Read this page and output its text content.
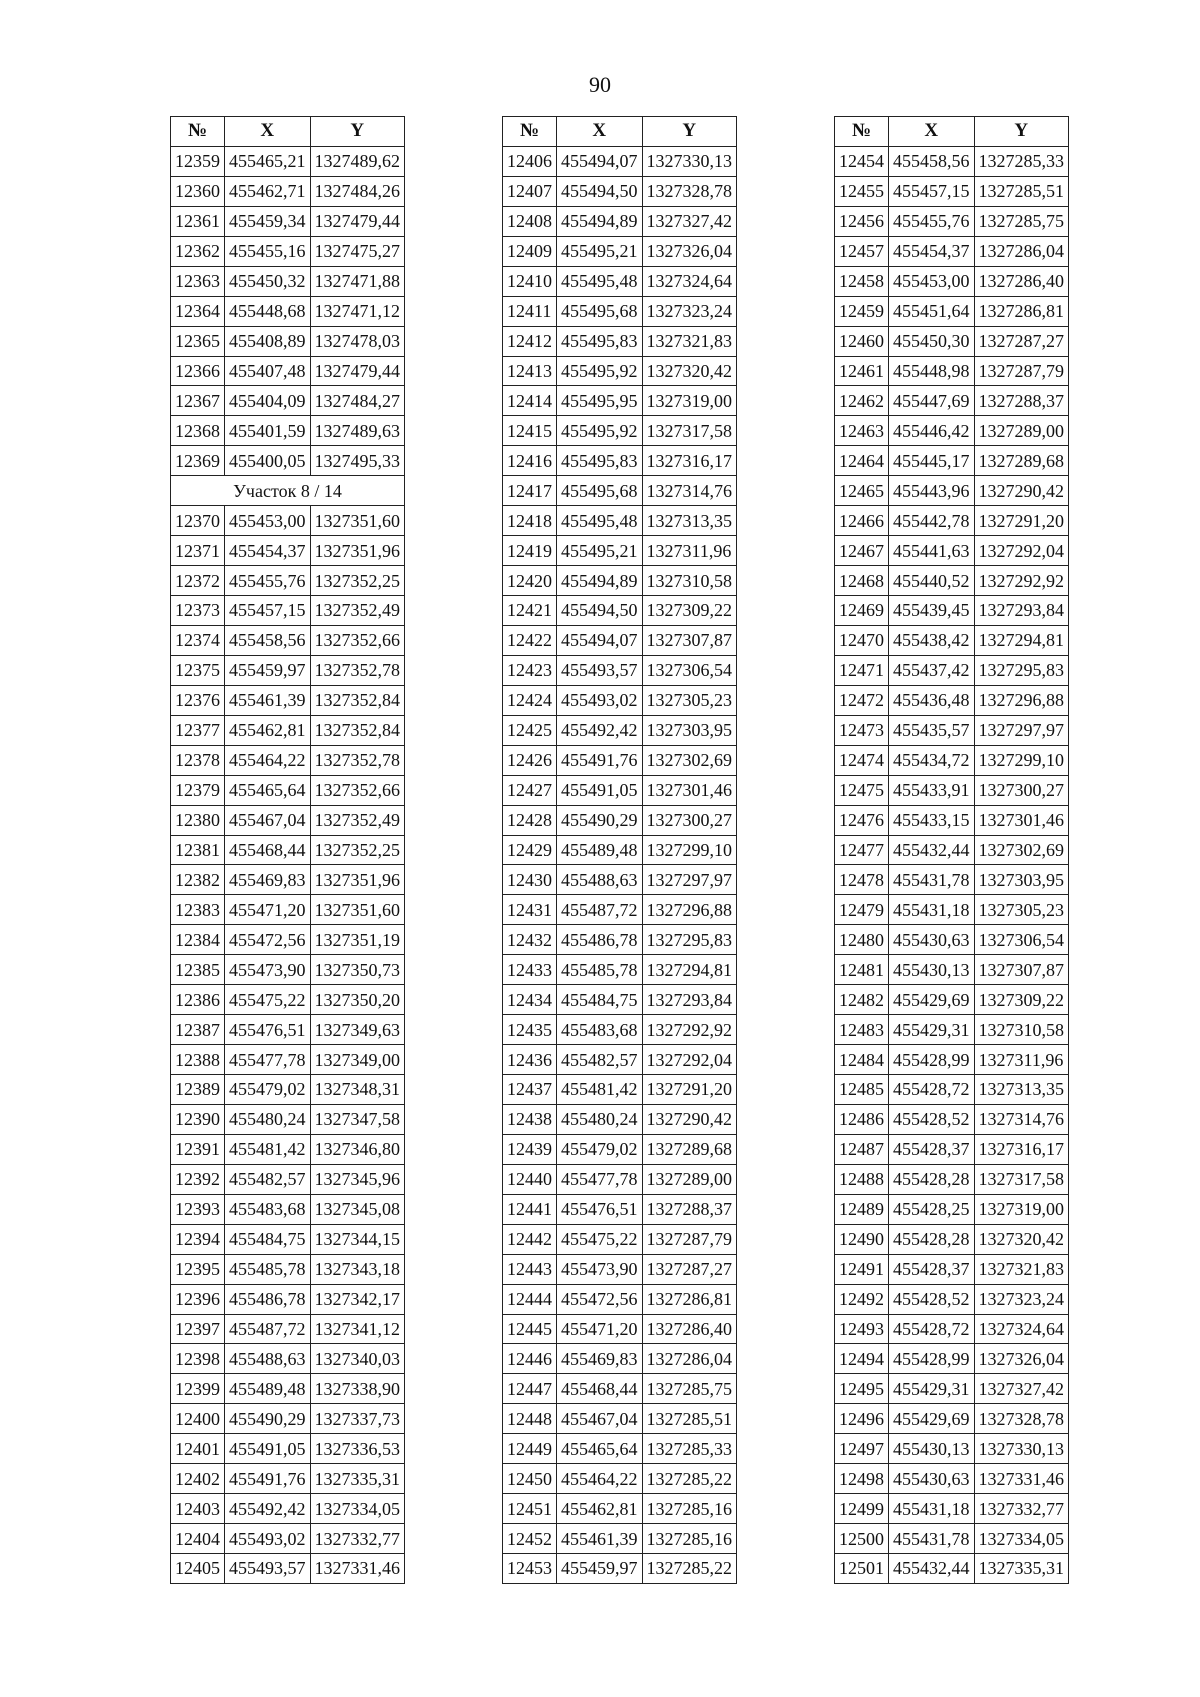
90
№	X	Y
12359	455465,21	1327489,62
12360	455462,71	1327484,26
12361	455459,34	1327479,44
12362	455455,16	1327475,27
12363	455450,32	1327471,88
12364	455448,68	1327471,12
12365	455408,89	1327478,03
12366	455407,48	1327479,44
12367	455404,09	1327484,27
12368	455401,59	1327489,63
12369	455400,05	1327495,33
Участок 8 / 14		
12370	455453,00	1327351,60
12371	455454,37	1327351,96
12372	455455,76	1327352,25
12373	455457,15	1327352,49
12374	455458,56	1327352,66
12375	455459,97	1327352,78
12376	455461,39	1327352,84
12377	455462,81	1327352,84
12378	455464,22	1327352,78
12379	455465,64	1327352,66
12380	455467,04	1327352,49
12381	455468,44	1327352,25
12382	455469,83	1327351,96
12383	455471,20	1327351,60
12384	455472,56	1327351,19
12385	455473,90	1327350,73
12386	455475,22	1327350,20
12387	455476,51	1327349,63
12388	455477,78	1327349,00
12389	455479,02	1327348,31
12390	455480,24	1327347,58
12391	455481,42	1327346,80
12392	455482,57	1327345,96
12393	455483,68	1327345,08
12394	455484,75	1327344,15
12395	455485,78	1327343,18
12396	455486,78	1327342,17
12397	455487,72	1327341,12
12398	455488,63	1327340,03
12399	455489,48	1327338,90
12400	455490,29	1327337,73
12401	455491,05	1327336,53
12402	455491,76	1327335,31
12403	455492,42	1327334,05
12404	455493,02	1327332,77
12405	455493,57	1327331,46
№	X	Y
12406	455494,07	1327330,13
12407	455494,50	1327328,78
12408	455494,89	1327327,42
12409	455495,21	1327326,04
12410	455495,48	1327324,64
12411	455495,68	1327323,24
12412	455495,83	1327321,83
12413	455495,92	1327320,42
12414	455495,95	1327319,00
12415	455495,92	1327317,58
12416	455495,83	1327316,17
12417	455495,68	1327314,76
12418	455495,48	1327313,35
12419	455495,21	1327311,96
12420	455494,89	1327310,58
12421	455494,50	1327309,22
12422	455494,07	1327307,87
12423	455493,57	1327306,54
12424	455493,02	1327305,23
12425	455492,42	1327303,95
12426	455491,76	1327302,69
12427	455491,05	1327301,46
12428	455490,29	1327300,27
12429	455489,48	1327299,10
12430	455488,63	1327297,97
12431	455487,72	1327296,88
12432	455486,78	1327295,83
12433	455485,78	1327294,81
12434	455484,75	1327293,84
12435	455483,68	1327292,92
12436	455482,57	1327292,04
12437	455481,42	1327291,20
12438	455480,24	1327290,42
12439	455479,02	1327289,68
12440	455477,78	1327289,00
12441	455476,51	1327288,37
12442	455475,22	1327287,79
12443	455473,90	1327287,27
12444	455472,56	1327286,81
12445	455471,20	1327286,40
12446	455469,83	1327286,04
12447	455468,44	1327285,75
12448	455467,04	1327285,51
12449	455465,64	1327285,33
12450	455464,22	1327285,22
12451	455462,81	1327285,16
12452	455461,39	1327285,16
12453	455459,97	1327285,22
№	X	Y
12454	455458,56	1327285,33
12455	455457,15	1327285,51
12456	455455,76	1327285,75
12457	455454,37	1327286,04
12458	455453,00	1327286,40
12459	455451,64	1327286,81
12460	455450,30	1327287,27
12461	455448,98	1327287,79
12462	455447,69	1327288,37
12463	455446,42	1327289,00
12464	455445,17	1327289,68
12465	455443,96	1327290,42
12466	455442,78	1327291,20
12467	455441,63	1327292,04
12468	455440,52	1327292,92
12469	455439,45	1327293,84
12470	455438,42	1327294,81
12471	455437,42	1327295,83
12472	455436,48	1327296,88
12473	455435,57	1327297,97
12474	455434,72	1327299,10
12475	455433,91	1327300,27
12476	455433,15	1327301,46
12477	455432,44	1327302,69
12478	455431,78	1327303,95
12479	455431,18	1327305,23
12480	455430,63	1327306,54
12481	455430,13	1327307,87
12482	455429,69	1327309,22
12483	455429,31	1327310,58
12484	455428,99	1327311,96
12485	455428,72	1327313,35
12486	455428,52	1327314,76
12487	455428,37	1327316,17
12488	455428,28	1327317,58
12489	455428,25	1327319,00
12490	455428,28	1327320,42
12491	455428,37	1327321,83
12492	455428,52	1327323,24
12493	455428,72	1327324,64
12494	455428,99	1327326,04
12495	455429,31	1327327,42
12496	455429,69	1327328,78
12497	455430,13	1327330,13
12498	455430,63	1327331,46
12499	455431,18	1327332,77
12500	455431,78	1327334,05
12501	455432,44	1327335,31
